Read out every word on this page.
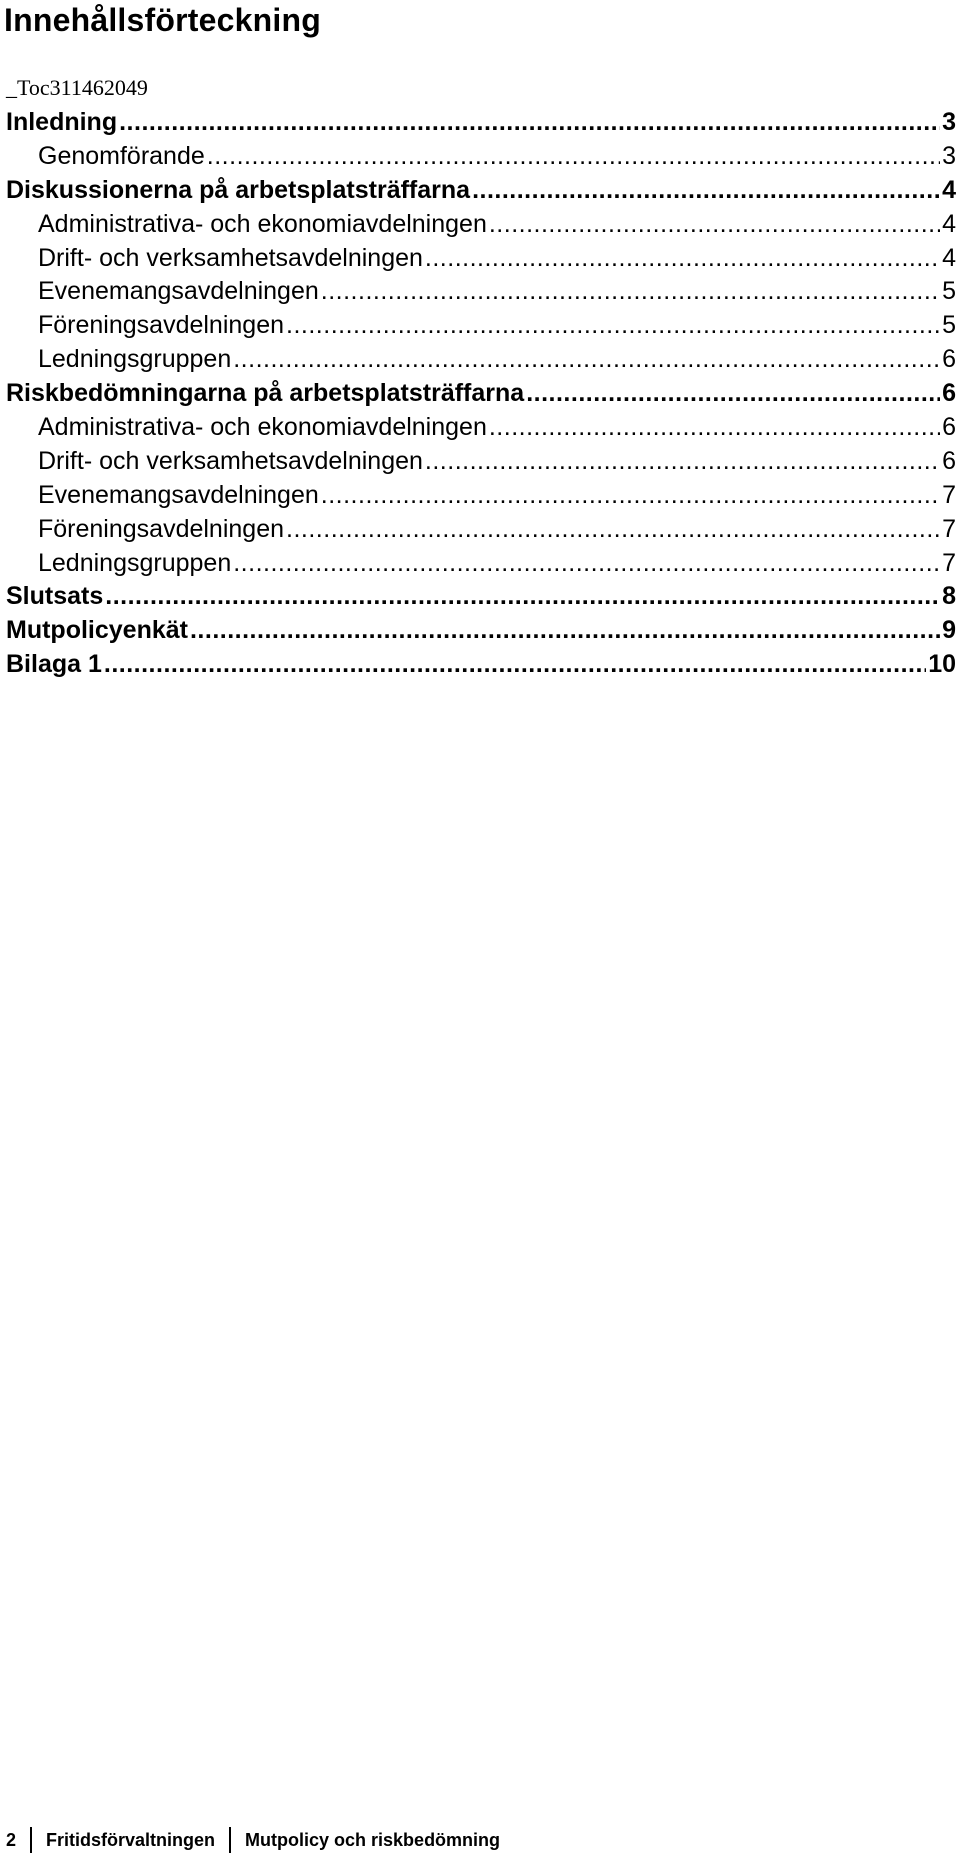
Innehållsförteckning
_Toc311462049
Inledning .....	3
Genomförande .....	3
Diskussionerna på arbetsplatsträffarna .....	4
Administrativa- och ekonomiavdelningen .....	4
Drift- och verksamhetsavdelningen .....	4
Evenemangsavdelningen .....	5
Föreningsavdelningen .....	5
Ledningsgruppen .....	6
Riskbedömningarna på arbetsplatsträffarna .....	6
Administrativa- och ekonomiavdelningen .....	6
Drift- och verksamhetsavdelningen .....	6
Evenemangsavdelningen .....	7
Föreningsavdelningen .....	7
Ledningsgruppen .....	7
Slutsats .....	8
Mutpolicyenkät .....	9
Bilaga 1 .....	10
2 Fritidsförvaltningen Mutpolicy och riskbedömning
